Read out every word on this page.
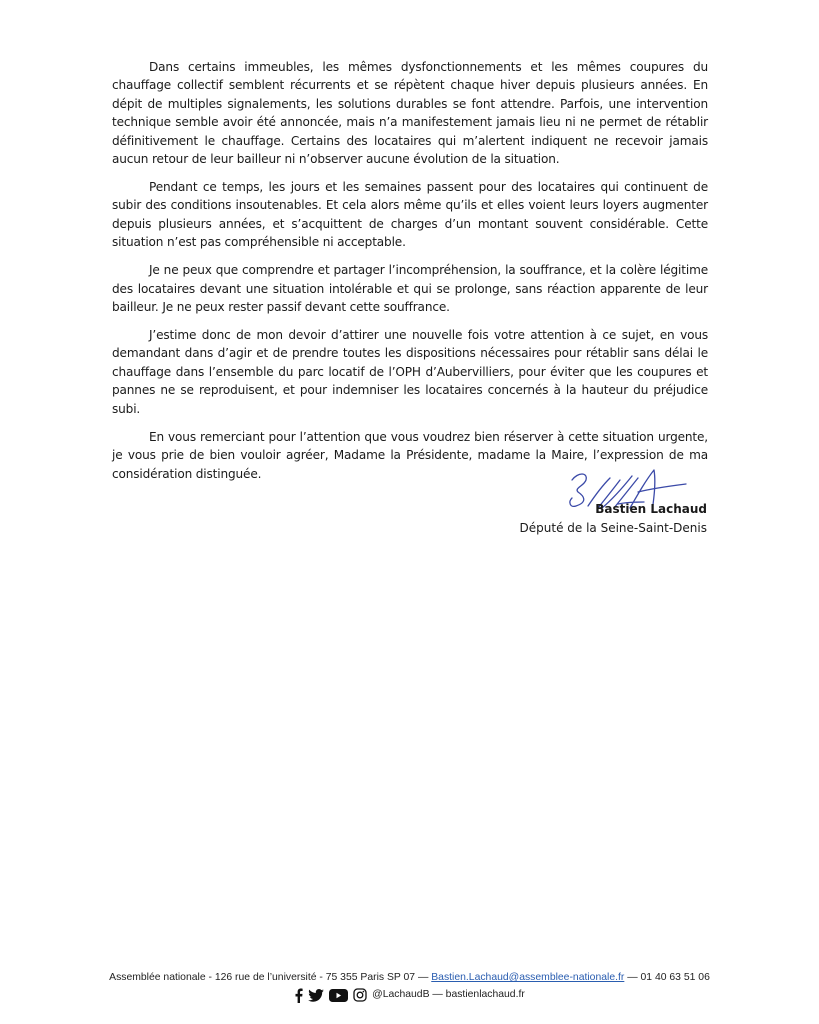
Dans certains immeubles, les mêmes dysfonctionnements et les mêmes coupures du chauffage collectif semblent récurrents et se répètent chaque hiver depuis plusieurs années. En dépit de multiples signalements, les solutions durables se font attendre. Parfois, une intervention technique semble avoir été annoncée, mais n’a manifestement jamais lieu ni ne permet de rétablir définitivement le chauffage. Certains des locataires qui m’alertent indiquent ne recevoir jamais aucun retour de leur bailleur ni n’observer aucune évolution de la situation.

Pendant ce temps, les jours et les semaines passent pour des locataires qui continuent de subir des conditions insoutenables. Et cela alors même qu’ils et elles voient leurs loyers augmenter depuis plusieurs années, et s’acquittent de charges d’un montant souvent considérable. Cette situation n’est pas compréhensible ni acceptable.

Je ne peux que comprendre et partager l’incompréhension, la souffrance, et la colère légitime des locataires devant une situation intolérable et qui se prolonge, sans réaction apparente de leur bailleur. Je ne peux rester passif devant cette souffrance.

J’estime donc de mon devoir d’attirer une nouvelle fois votre attention à ce sujet, en vous demandant dans d’agir et de prendre toutes les dispositions nécessaires pour rétablir sans délai le chauffage dans l’ensemble du parc locatif de l’OPH d’Aubervilliers, pour éviter que les coupures et pannes ne se reproduisent, et pour indemniser les locataires concernés à la hauteur du préjudice subi.

En vous remerciant pour l’attention que vous voudrez bien réserver à cette situation urgente, je vous prie de bien vouloir agréer, Madame la Présidente, madame la Maire, l’expression de ma considération distinguée.

Bastien Lachaud
Député de la Seine-Saint-Denis
Assemblée nationale - 126 rue de l’université - 75 355 Paris SP 07 — Bastien.Lachaud@assemblee-nationale.fr — 01 40 63 51 06
@LachaudB — bastienlachaud.fr
